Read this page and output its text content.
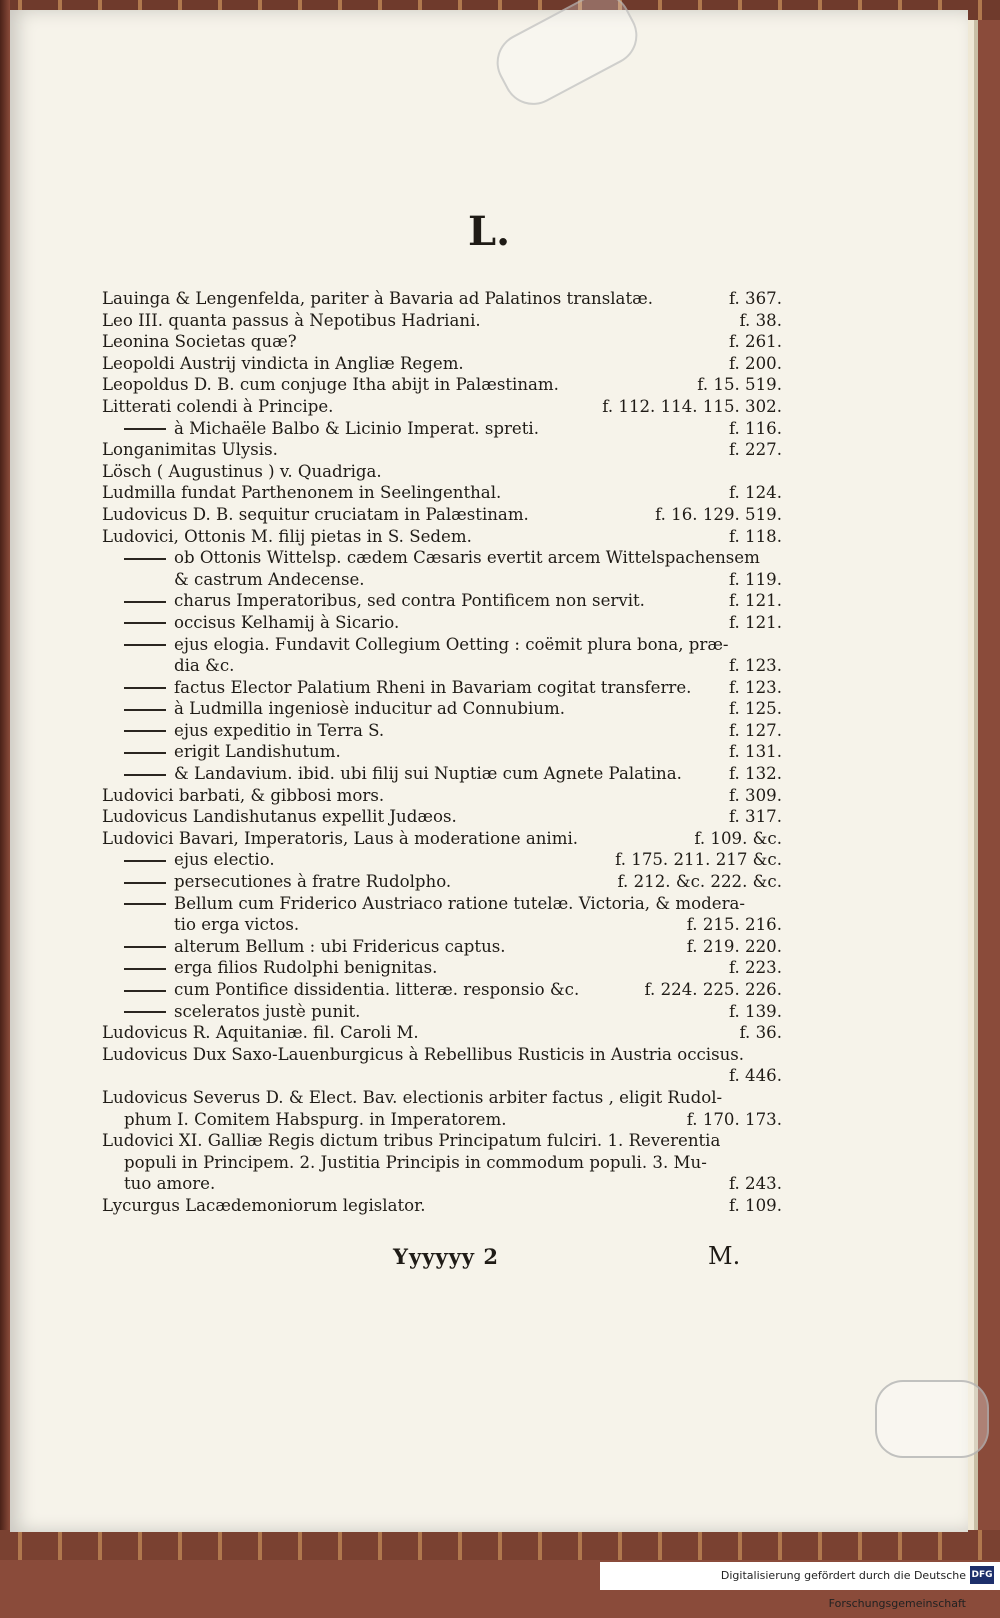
L.
Lauinga & Lengenfelda, pariter à Bavaria ad Palatinos translatæ.	f. 367.
Leo III. quanta passus à Nepotibus Hadriani.	f. 38.
Leonina Societas quæ?	f. 261.
Leopoldi Austrij vindicta in Angliæ Regem.	f. 200.
Leopoldus D. B. cum conjuge Itha abijt in Palæstinam.	f. 15. 519.
Litterati colendi à Principe.	f. 112. 114. 115. 302.
à Michaële Balbo & Licinio Imperat. spreti.	f. 116.
Longanimitas Ulysis.	f. 227.
Lösch ( Augustinus ) v. Quadriga.
Ludmilla fundat Parthenonem in Seelingenthal.	f. 124.
Ludovicus D. B. sequitur cruciatam in Palæstinam.	f. 16. 129. 519.
Ludovici, Ottonis M. filij pietas in S. Sedem.	f. 118.
ob Ottonis Wittelsp. cædem Cæsaris evertit arcem Wittelspachensem
& castrum Andecense.	f. 119.
charus Imperatoribus, sed contra Pontificem non servit.	f. 121.
occisus Kelhamij à Sicario.	f. 121.
ejus elogia. Fundavit Collegium Oetting : coëmit plura bona, præ-
dia &c.	f. 123.
factus Elector Palatium Rheni in Bavariam cogitat transferre.	f. 123.
à Ludmilla ingeniosè inducitur ad Connubium.	f. 125.
ejus expeditio in Terra S.	f. 127.
erigit Landishutum.	f. 131.
& Landavium. ibid. ubi filij sui Nuptiæ cum Agnete Palatina.	f. 132.
Ludovici barbati, & gibbosi mors.	f. 309.
Ludovicus Landishutanus expellit Judæos.	f. 317.
Ludovici Bavari, Imperatoris, Laus à moderatione animi.	f. 109. &c.
ejus electio.	f. 175. 211. 217 &c.
persecutiones à fratre Rudolpho.	f. 212. &c. 222. &c.
Bellum cum Friderico Austriaco ratione tutelæ. Victoria, & modera-
tio erga victos.	f. 215. 216.
alterum Bellum : ubi Fridericus captus.	f. 219. 220.
erga filios Rudolphi benignitas.	f. 223.
cum Pontifice dissidentia. litteræ. responsio &c.	f. 224. 225. 226.
sceleratos justè punit.	f. 139.
Ludovicus R. Aquitaniæ. fil. Caroli M.	f. 36.
Ludovicus Dux Saxo-Lauenburgicus à Rebellibus Rusticis in Austria occisus.
f. 446.
Ludovicus Severus D. & Elect. Bav. electionis arbiter factus , eligit Rudol-
phum I. Comitem Habspurg. in Imperatorem.	f. 170. 173.
Ludovici XI. Galliæ Regis dictum tribus Principatum fulciri. 1. Reverentia
populi in Principem. 2. Justitia Principis in commodum populi. 3. Mu-
tuo amore.	f. 243.
Lycurgus Lacædemoniorum legislator.	f. 109.
Yyyyyy 2	M.
Digitalisierung gefördert durch die Deutsche Forschungsgemeinschaft
DFG
